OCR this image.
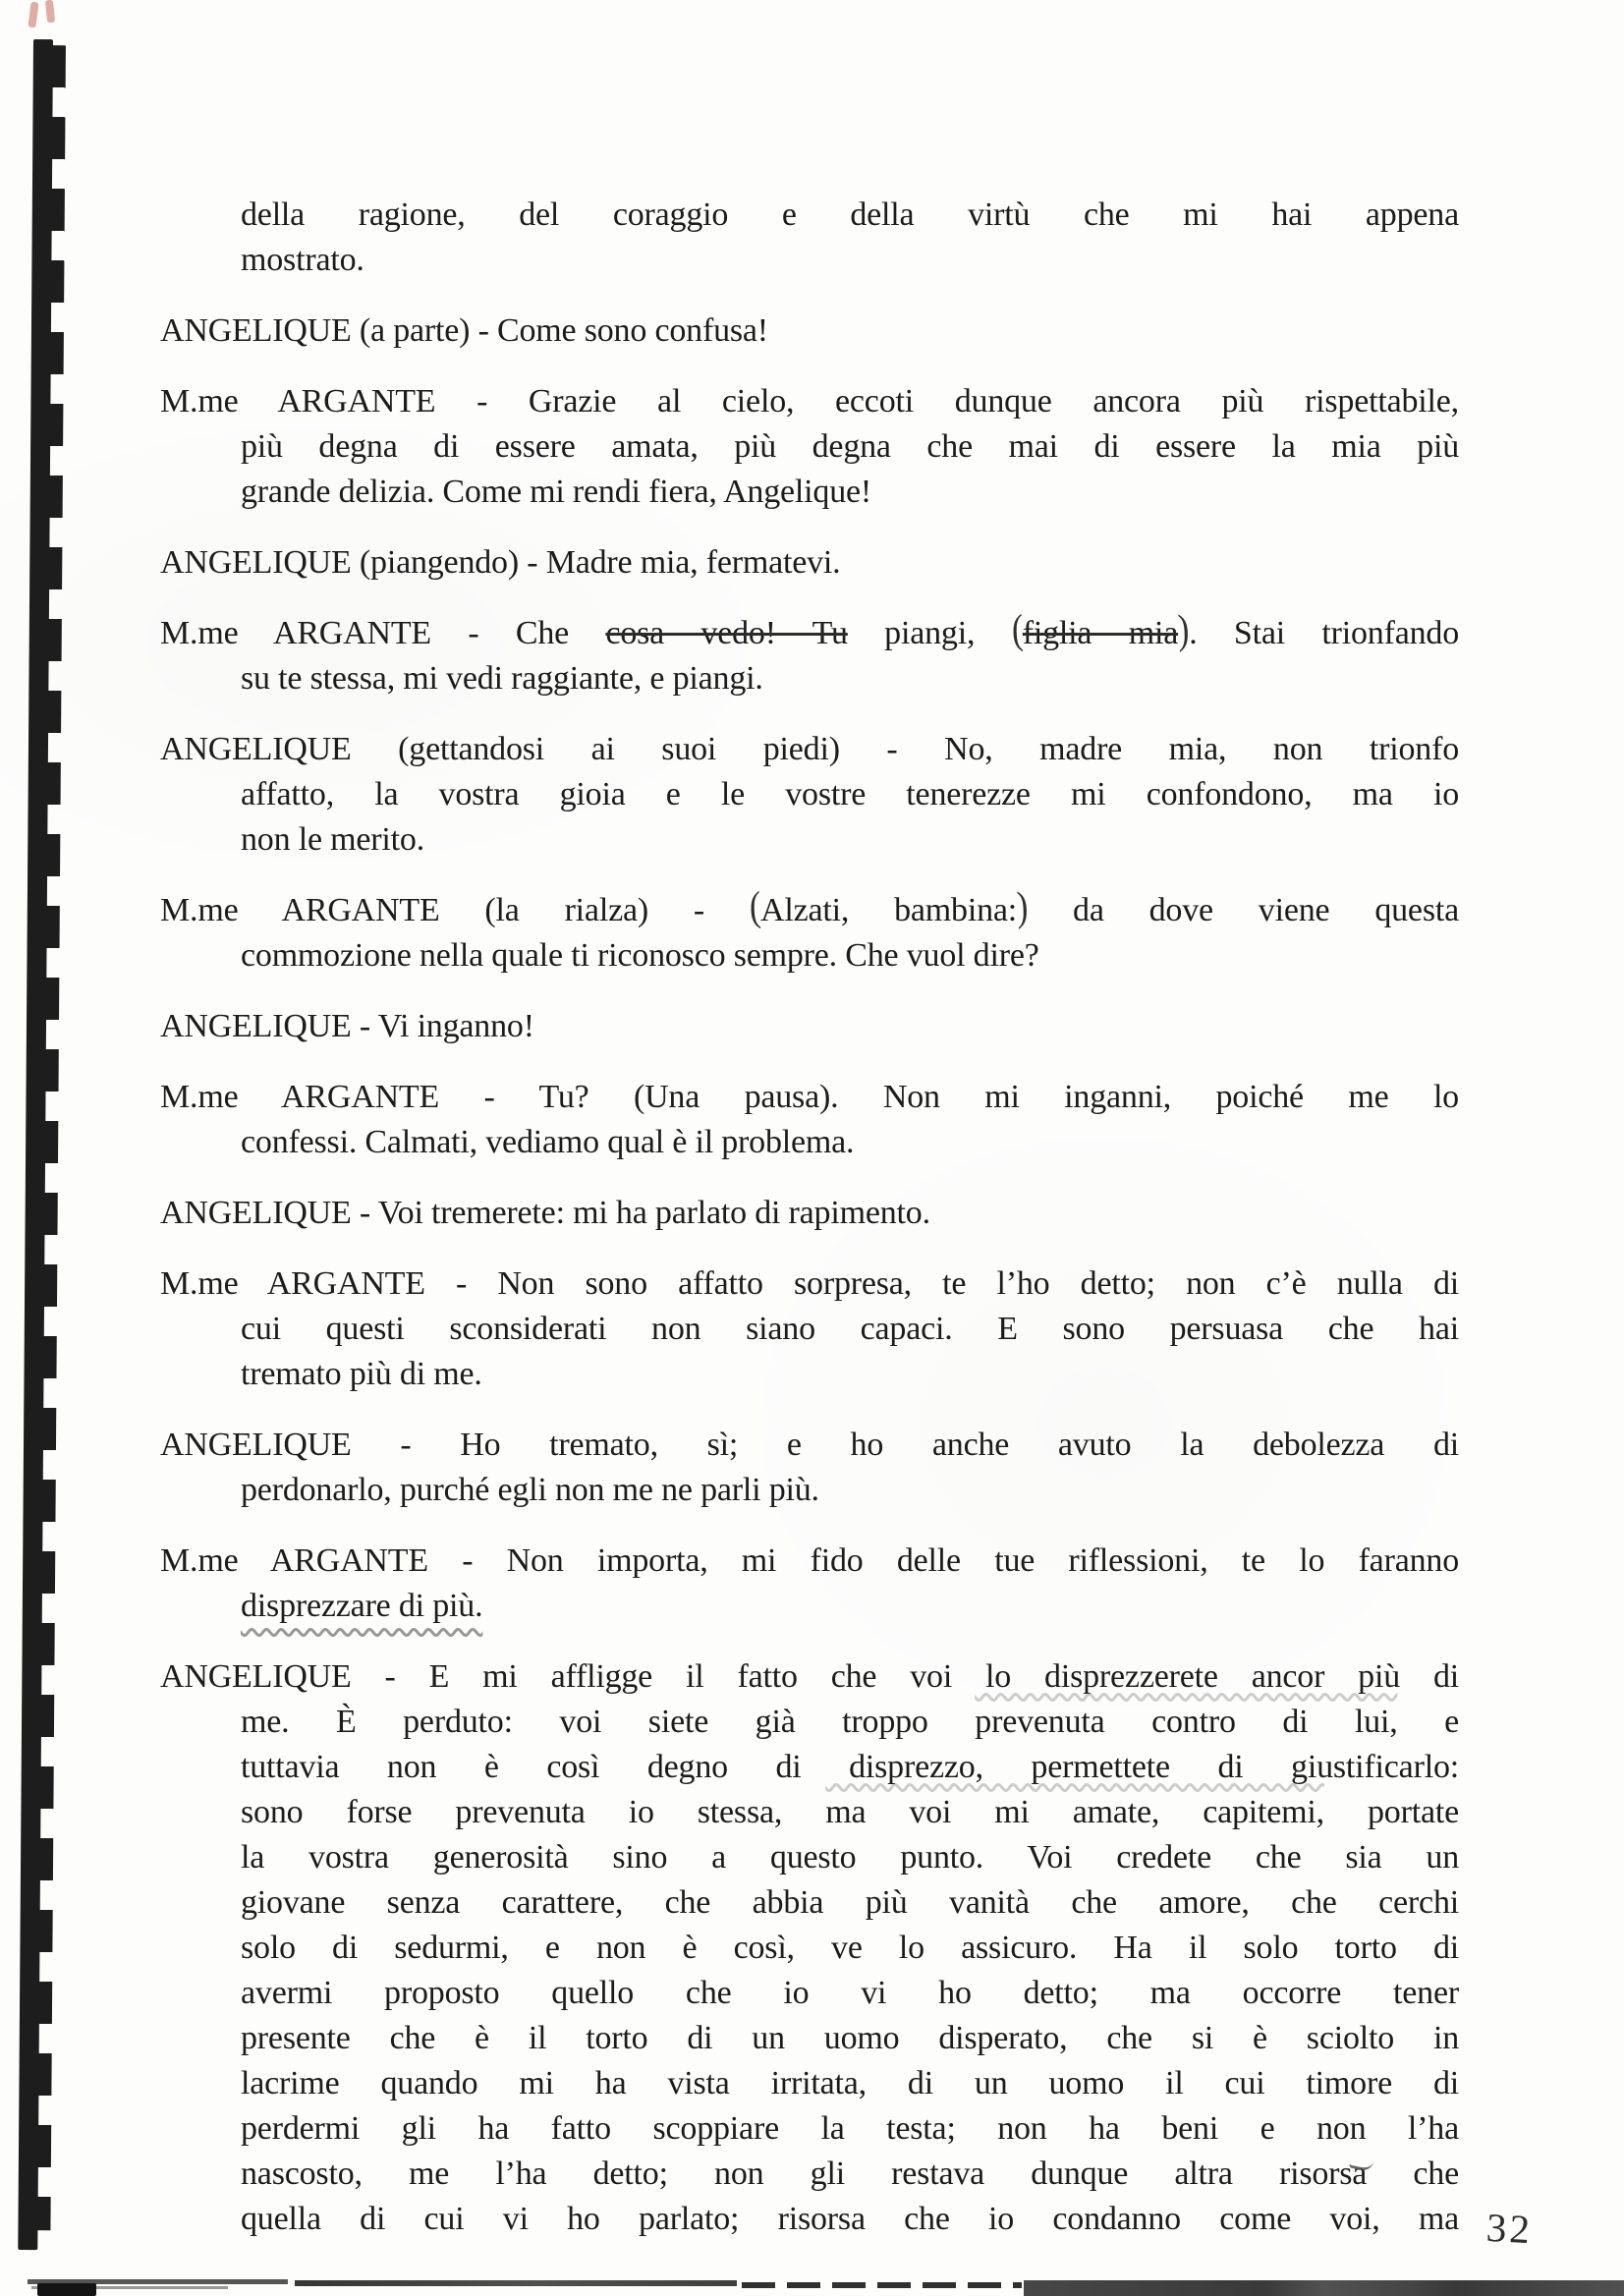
della ragione, del coraggio e della virtù che mi hai appena
mostrato.
ANGELIQUE (a parte) - Come sono confusa!
M.me ARGANTE - Grazie al cielo, eccoti dunque ancora più rispettabile,
più degna di essere amata, più degna che mai di essere la mia più
grande delizia. Come mi rendi fiera, Angelique!
ANGELIQUE (piangendo) - Madre mia, fermatevi.
M.me ARGANTE - Che cosa vedo! Tu piangi, (figlia mia). Stai trionfando
su te stessa, mi vedi raggiante, e piangi.
ANGELIQUE (gettandosi ai suoi piedi) - No, madre mia, non trionfo
affatto, la vostra gioia e le vostre tenerezze mi confondono, ma io
non le merito.
M.me ARGANTE (la rialza) - (Alzati, bambina:) da dove viene questa
commozione nella quale ti riconosco sempre. Che vuol dire?
ANGELIQUE - Vi inganno!
M.me ARGANTE - Tu? (Una pausa). Non mi inganni, poiché me lo
confessi. Calmati, vediamo qual è il problema.
ANGELIQUE - Voi tremerete: mi ha parlato di rapimento.
M.me ARGANTE - Non sono affatto sorpresa, te l’ho detto; non c’è nulla di
cui questi sconsiderati non siano capaci. E sono persuasa che hai
tremato più di me.
ANGELIQUE - Ho tremato, sì; e ho anche avuto la debolezza di
perdonarlo, purché egli non me ne parli più.
M.me ARGANTE - Non importa, mi fido delle tue riflessioni, te lo faranno
disprezzare di più.
ANGELIQUE - E mi affligge il fatto che voi lo disprezzerete ancor più di
me. È perduto: voi siete già troppo prevenuta contro di lui, e
tuttavia non è così degno di disprezzo, permettete di giustificarlo:
sono forse prevenuta io stessa, ma voi mi amate, capitemi, portate
la vostra generosità sino a questo punto. Voi credete che sia un
giovane senza carattere, che abbia più vanità che amore, che cerchi
solo di sedurmi, e non è così, ve lo assicuro. Ha il solo torto di
avermi proposto quello che io vi ho detto; ma occorre tener
presente che è il torto di un uomo disperato, che si è sciolto in
lacrime quando mi ha vista irritata, di un uomo il cui timore di
perdermi gli ha fatto scoppiare la testa; non ha beni e non l’ha
nascosto, me l’ha detto; non gli restava dunque altra risorsa che
quella di cui vi ho parlato; risorsa che io condanno come voi, ma 32
